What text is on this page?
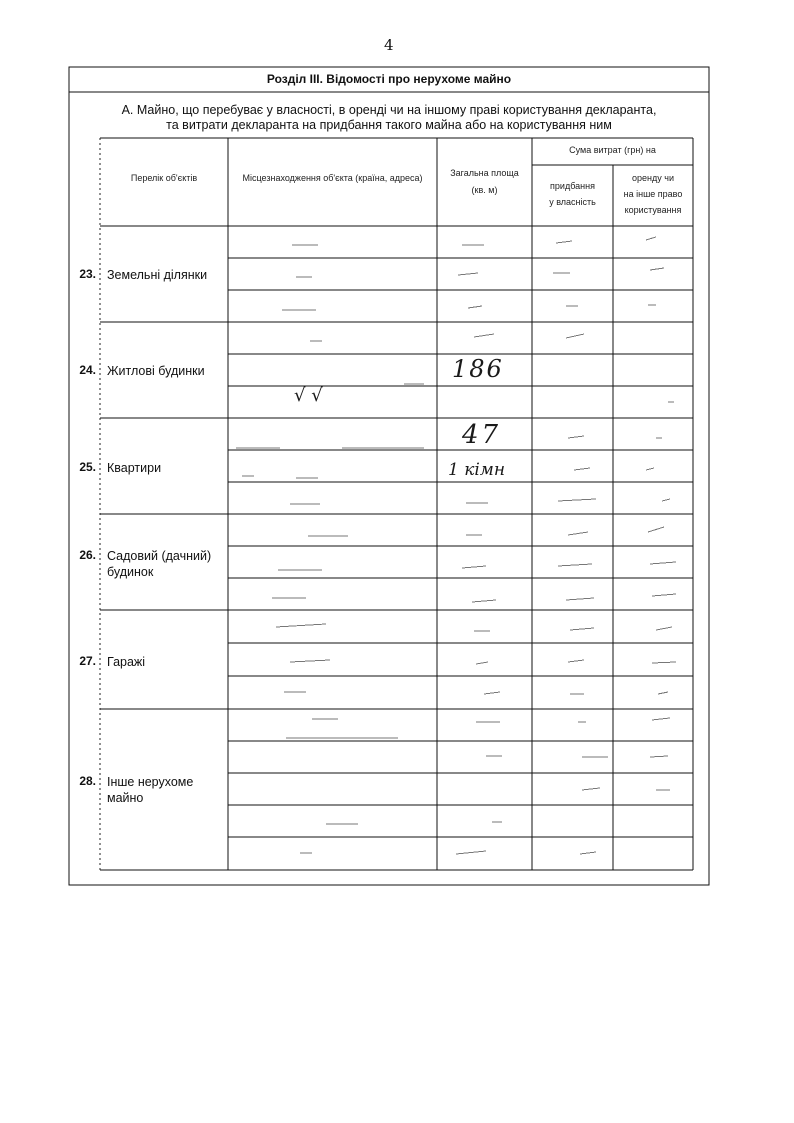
4
Розділ III. Відомості про нерухоме майно
А. Майно, що перебуває у власності, в оренді чи на іншому праві користування декларанта,
та витрати декларанта на придбання такого майна або на користування ним
Перелік об'єктів	Місцезнаходження об'єкта (країна, адреса)	Загальна площа
(кв. м)
Сума витрат (грн) на
придбання
у власність
оренду чи
на інше право
користування
23. Земельні ділянки
24. Житлові будинки
25. Квартири
26. Садовий (дачний)
будинок
27. Гаражі
28. Інше нерухоме
майно
186
√ √
47
1 кімн
